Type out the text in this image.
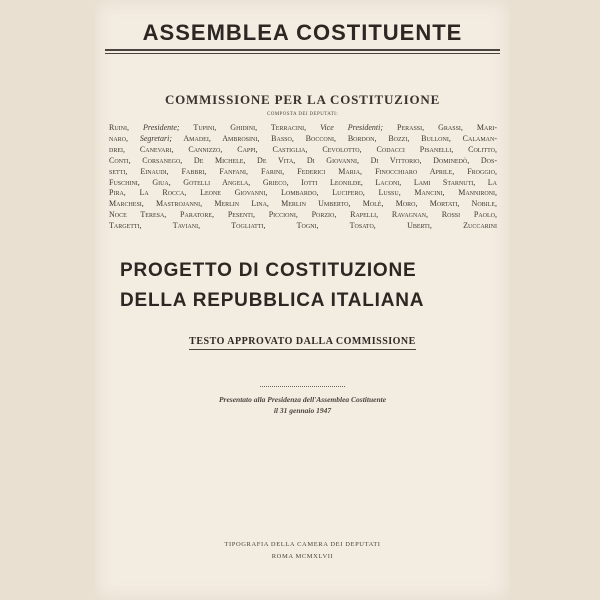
ASSEMBLEA COSTITUENTE
COMMISSIONE PER LA COSTITUZIONE
COMPOSTA DEI DEPUTATI:

Ruini, Presidente; Tupini, Ghidini, Terracini, Vice Presidenti; Perassi, Grassi, Mari-
naro, Segretari; Amadei, Ambrosini, Basso, Bocconi, Bordon, Bozzi, Bulloni, Calaman-
drei, Canevari, Cannizzo, Cappi, Castiglia, Cevolotto, Codacci Pisanelli, Colitto,
Conti, Corsanego, De Michele, De Vita, Di Giovanni, Di Vittorio, Dominedò, Dos-
setti, Einaudi, Fabbri, Fanfani, Farini, Federici Maria, Finocchiaro Aprile, Froggio,
Fuschini, Giua, Gotelli Angela, Grieco, Iotti Leonilde, Laconi, Lami Starnuti, La
Pira, La Rocca, Leone Giovanni, Lombardo, Lucifero, Lussu, Mancini, Mannironi,
Marchesi, Mastrojanni, Merlin Lina, Merlin Umberto, Molè, Moro, Mortati, Nobile,
Noce Teresa, Paratore, Pesenti, Piccioni, Porzio, Rapelli, Ravagnan, Rossi Paolo,
Targetti, Taviani, Togliatti, Togni, Tosato, Uberti, Zuccarini

PROGETTO DI COSTITUZIONE
DELLA REPUBBLICA ITALIANA
TESTO APPROVATO DALLA COMMISSIONE
Presentato alla Presidenza dell'Assemblea Costituente
il 31 gennaio 1947
TIPOGRAFIA DELLA CAMERA DEI DEPUTATI
ROMA MCMXLVII
